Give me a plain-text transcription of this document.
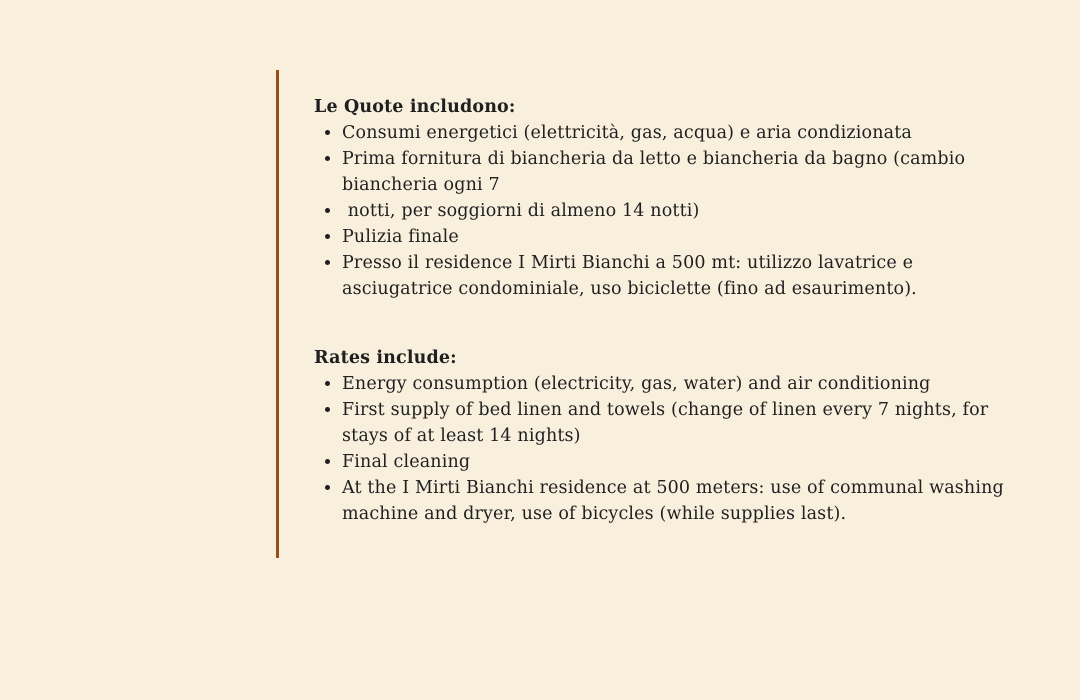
Le Quote includono:

• Consumi energetici (elettricità, gas, acqua) e aria condizionata
• Prima fornitura di biancheria da letto e biancheria da bagno (cambio biancheria ogni 7
•  notti, per soggiorni di almeno 14 notti)
• Pulizia finale
• Presso il residence I Mirti Bianchi a 500 mt: utilizzo lavatrice e asciugatrice condominiale, uso biciclette (fino ad esaurimento).

Rates include:

• Energy consumption (electricity, gas, water) and air conditioning
• First supply of bed linen and towels (change of linen every 7 nights, for stays of at least 14 nights)
• Final cleaning
• At the I Mirti Bianchi residence at 500 meters: use of communal washing machine and dryer, use of bicycles (while supplies last).
